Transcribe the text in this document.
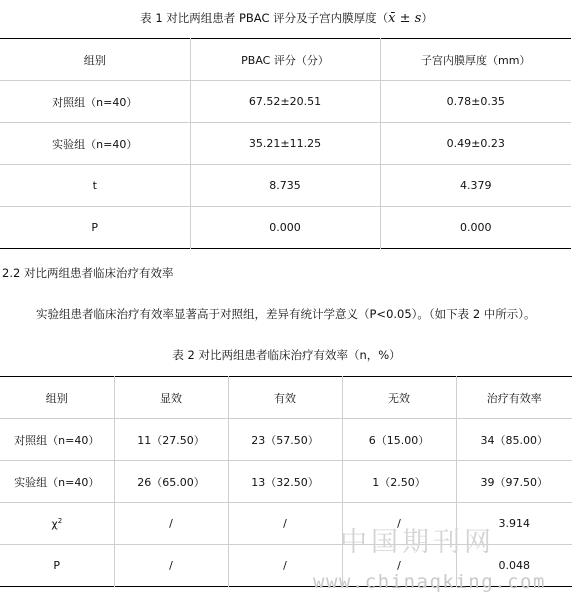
表 1 对比两组患者 PBAC 评分及子宫内膜厚度（x̄ ± s）
组别	PBAC 评分（分）	子宫内膜厚度（mm）
对照组（n=40）	67.52±20.51	0.78±0.35
实验组（n=40）	35.21±11.25	0.49±0.23
t	8.735	4.379
P	0.000	0.000
2.2 对比两组患者临床治疗有效率
实验组患者临床治疗有效率显著高于对照组，差异有统计学意义（P<0.05）。（如下表 2 中所示）。
表 2 对比两组患者临床治疗有效率（n，%）
组别	显效	有效	无效	治疗有效率
对照组（n=40）	11（27.50）	23（57.50）	6（15.00）	34（85.00）
实验组（n=40）	26（65.00）	13（32.50）	1（2.50）	39（97.50）
$\chi^2$	/	/	/	3.914
P	/	/	/	0.048
中国期刊网
www.chinaqking.com
